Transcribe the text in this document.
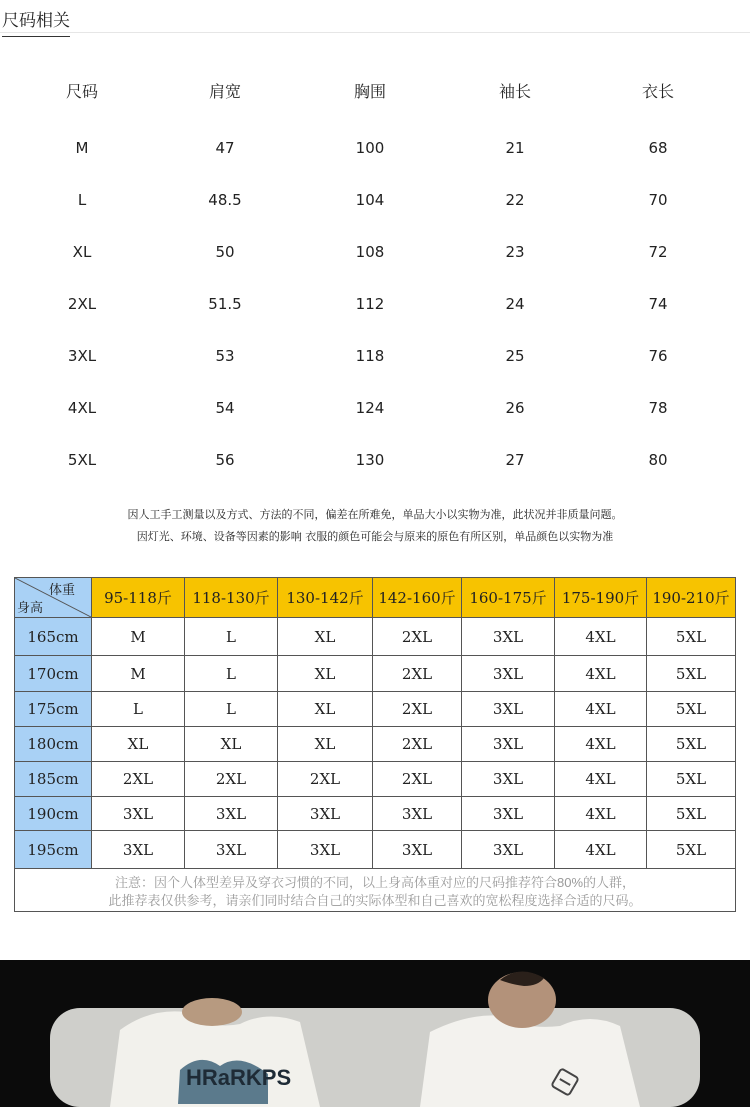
尺码相关
尺码	肩宽	胸围	袖长	衣长
M	47	100	21	68
L	48.5	104	22	70
XL	50	108	23	72
2XL	51.5	112	24	74
3XL	53	118	25	76
4XL	54	124	26	78
5XL	56	130	27	80
因人工手工测量以及方式、方法的不同，偏差在所难免，单品大小以实物为准，此状况并非质量问题。
因灯光、环境、设备等因素的影响 衣服的颜色可能会与原来的原色有所区别，单品颜色以实物为准
体重
身高
注意：因个人体型差异及穿衣习惯的不同，以上身高体重对应的尺码推荐符合80%的人群，
此推荐表仅供参考，请亲们同时结合自己的实际体型和自己喜欢的宽松程度选择合适的尺码。
95-118斤	118-130斤	130-142斤 142-160斤 160-175斤	175-190斤 190-210斤
165cm	M	L	XL	2XL	3XL	4XL	5XL
170cm	M	L	XL	2XL	3XL	4XL	5XL
175cm	L	L	XL	2XL	3XL	4XL	5XL
180cm	XL	XL	XL	2XL	3XL	4XL	5XL
185cm	2XL	2XL	2XL	2XL	3XL	4XL	5XL
190cm	3XL	3XL	3XL	3XL	3XL	4XL	5XL
195cm	3XL	3XL	3XL	3XL	3XL	4XL	5XL
HRaRKPS
